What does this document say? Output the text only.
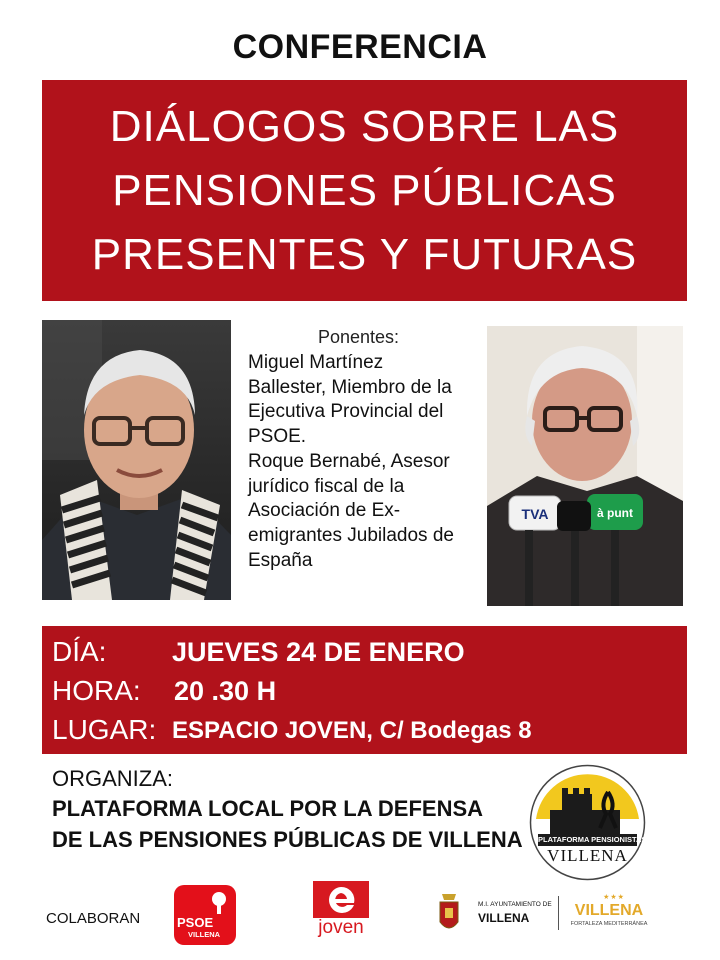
CONFERENCIA
DIÁLOGOS SOBRE LAS
PENSIONES PÚBLICAS
PRESENTES Y FUTURAS
Ponentes:
Miguel Martínez
Ballester, Miembro de la
Ejecutiva Provincial del
PSOE.
Roque Bernabé, Asesor
jurídico fiscal de la
Asociación de Ex-
emigrantes Jubilados de
España
TVA	à punt
DÍA: JUEVES 24 DE ENERO
HORA: 20 .30 H
LUGAR: ESPACIO JOVEN, C/ Bodegas 8
ORGANIZA:
PLATAFORMA LOCAL POR LA DEFENSA
DE LAS PENSIONES PÚBLICAS DE VILLENA PLATAFORMA PENSIONISTAS
VILLENA
COLABORAN	PSOE
VILLENA	joven
M.I. AYUNTAMIENTO DE
VILLENA
★★★
VILLENA
FORTALEZA MEDITERRÁNEA
